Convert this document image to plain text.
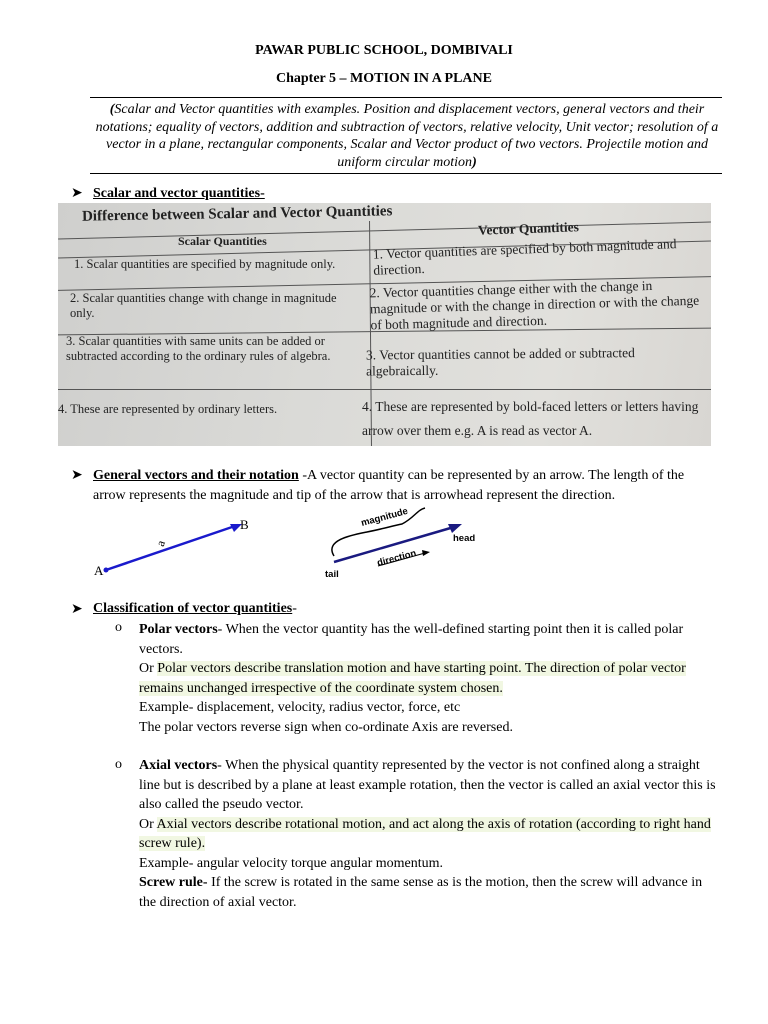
PAWAR PUBLIC SCHOOL, DOMBIVALI
Chapter 5 – MOTION IN A PLANE
(Scalar and Vector quantities with examples. Position and displacement vectors, general vectors and their notations; equality of vectors, addition and subtraction of vectors, relative velocity, Unit vector; resolution of a vector in a plane, rectangular components, Scalar and Vector product of two vectors. Projectile motion and uniform circular motion)
➤ Scalar and vector quantities-
Difference between Scalar and Vector Quantities
Scalar Quantities
Vector Quantities
1. Scalar quantities are specified by magnitude only.
1. Vector quantities are specified by both magnitude and direction.
2. Scalar quantities change with change in magnitude only.
2. Vector quantities change either with the change in magnitude or with the change in direction or with the change of both magnitude and direction.
3. Scalar quantities with same units can be added or subtracted according to the ordinary rules of algebra.	3. Vector quantities cannot be added or subtracted algebraically.
4. These are represented by ordinary letters.	4. These are represented by bold-faced letters or letters having arrow over them e.g. A is read as vector A.
➤ General vectors and their notation -A vector quantity can be represented by an arrow. The length of the arrow represents the magnitude and tip of the arrow that is arrowhead represent the direction.
A
B
a
magnitude
direction
head
tail
➤ Classification of vector quantities-
o Polar vectors- When the vector quantity has the well-defined starting point then it is called polar vectors.
Or Polar vectors describe translation motion and have starting point. The direction of polar vector remains unchanged irrespective of the coordinate system chosen.
Example- displacement, velocity, radius vector, force, etc
The polar vectors reverse sign when co-ordinate Axis are reversed.
o Axial vectors- When the physical quantity represented by the vector is not confined along a straight line but is described by a plane at least example rotation, then the vector is called an axial vector this is also called the pseudo vector.
Or Axial vectors describe rotational motion, and act along the axis of rotation (according to right hand screw rule).
Example- angular velocity torque angular momentum.
Screw rule- If the screw is rotated in the same sense as is the motion, then the screw will advance in the direction of axial vector.
